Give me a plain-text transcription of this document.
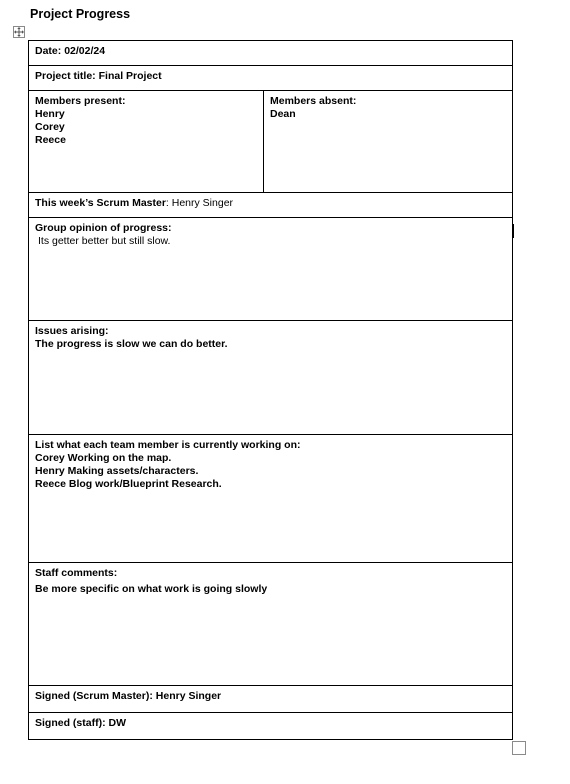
Project Progress
Date: 02/02/24
Project title: Final Project

Members present:
Henry
Corey
Reece

Members absent:
Dean

This week’s Scrum Master: Henry Singer

Group opinion of progress:
Its getter better but still slow.

Issues arising:
The progress is slow we can do better.

List what each team member is currently working on:
Corey Working on the map.
Henry Making assets/characters.
Reece Blog work/Blueprint Research.

Staff comments:
Be more specific on what work is going slowly

Signed (Scrum Master): Henry Singer
Signed (staff): DW
